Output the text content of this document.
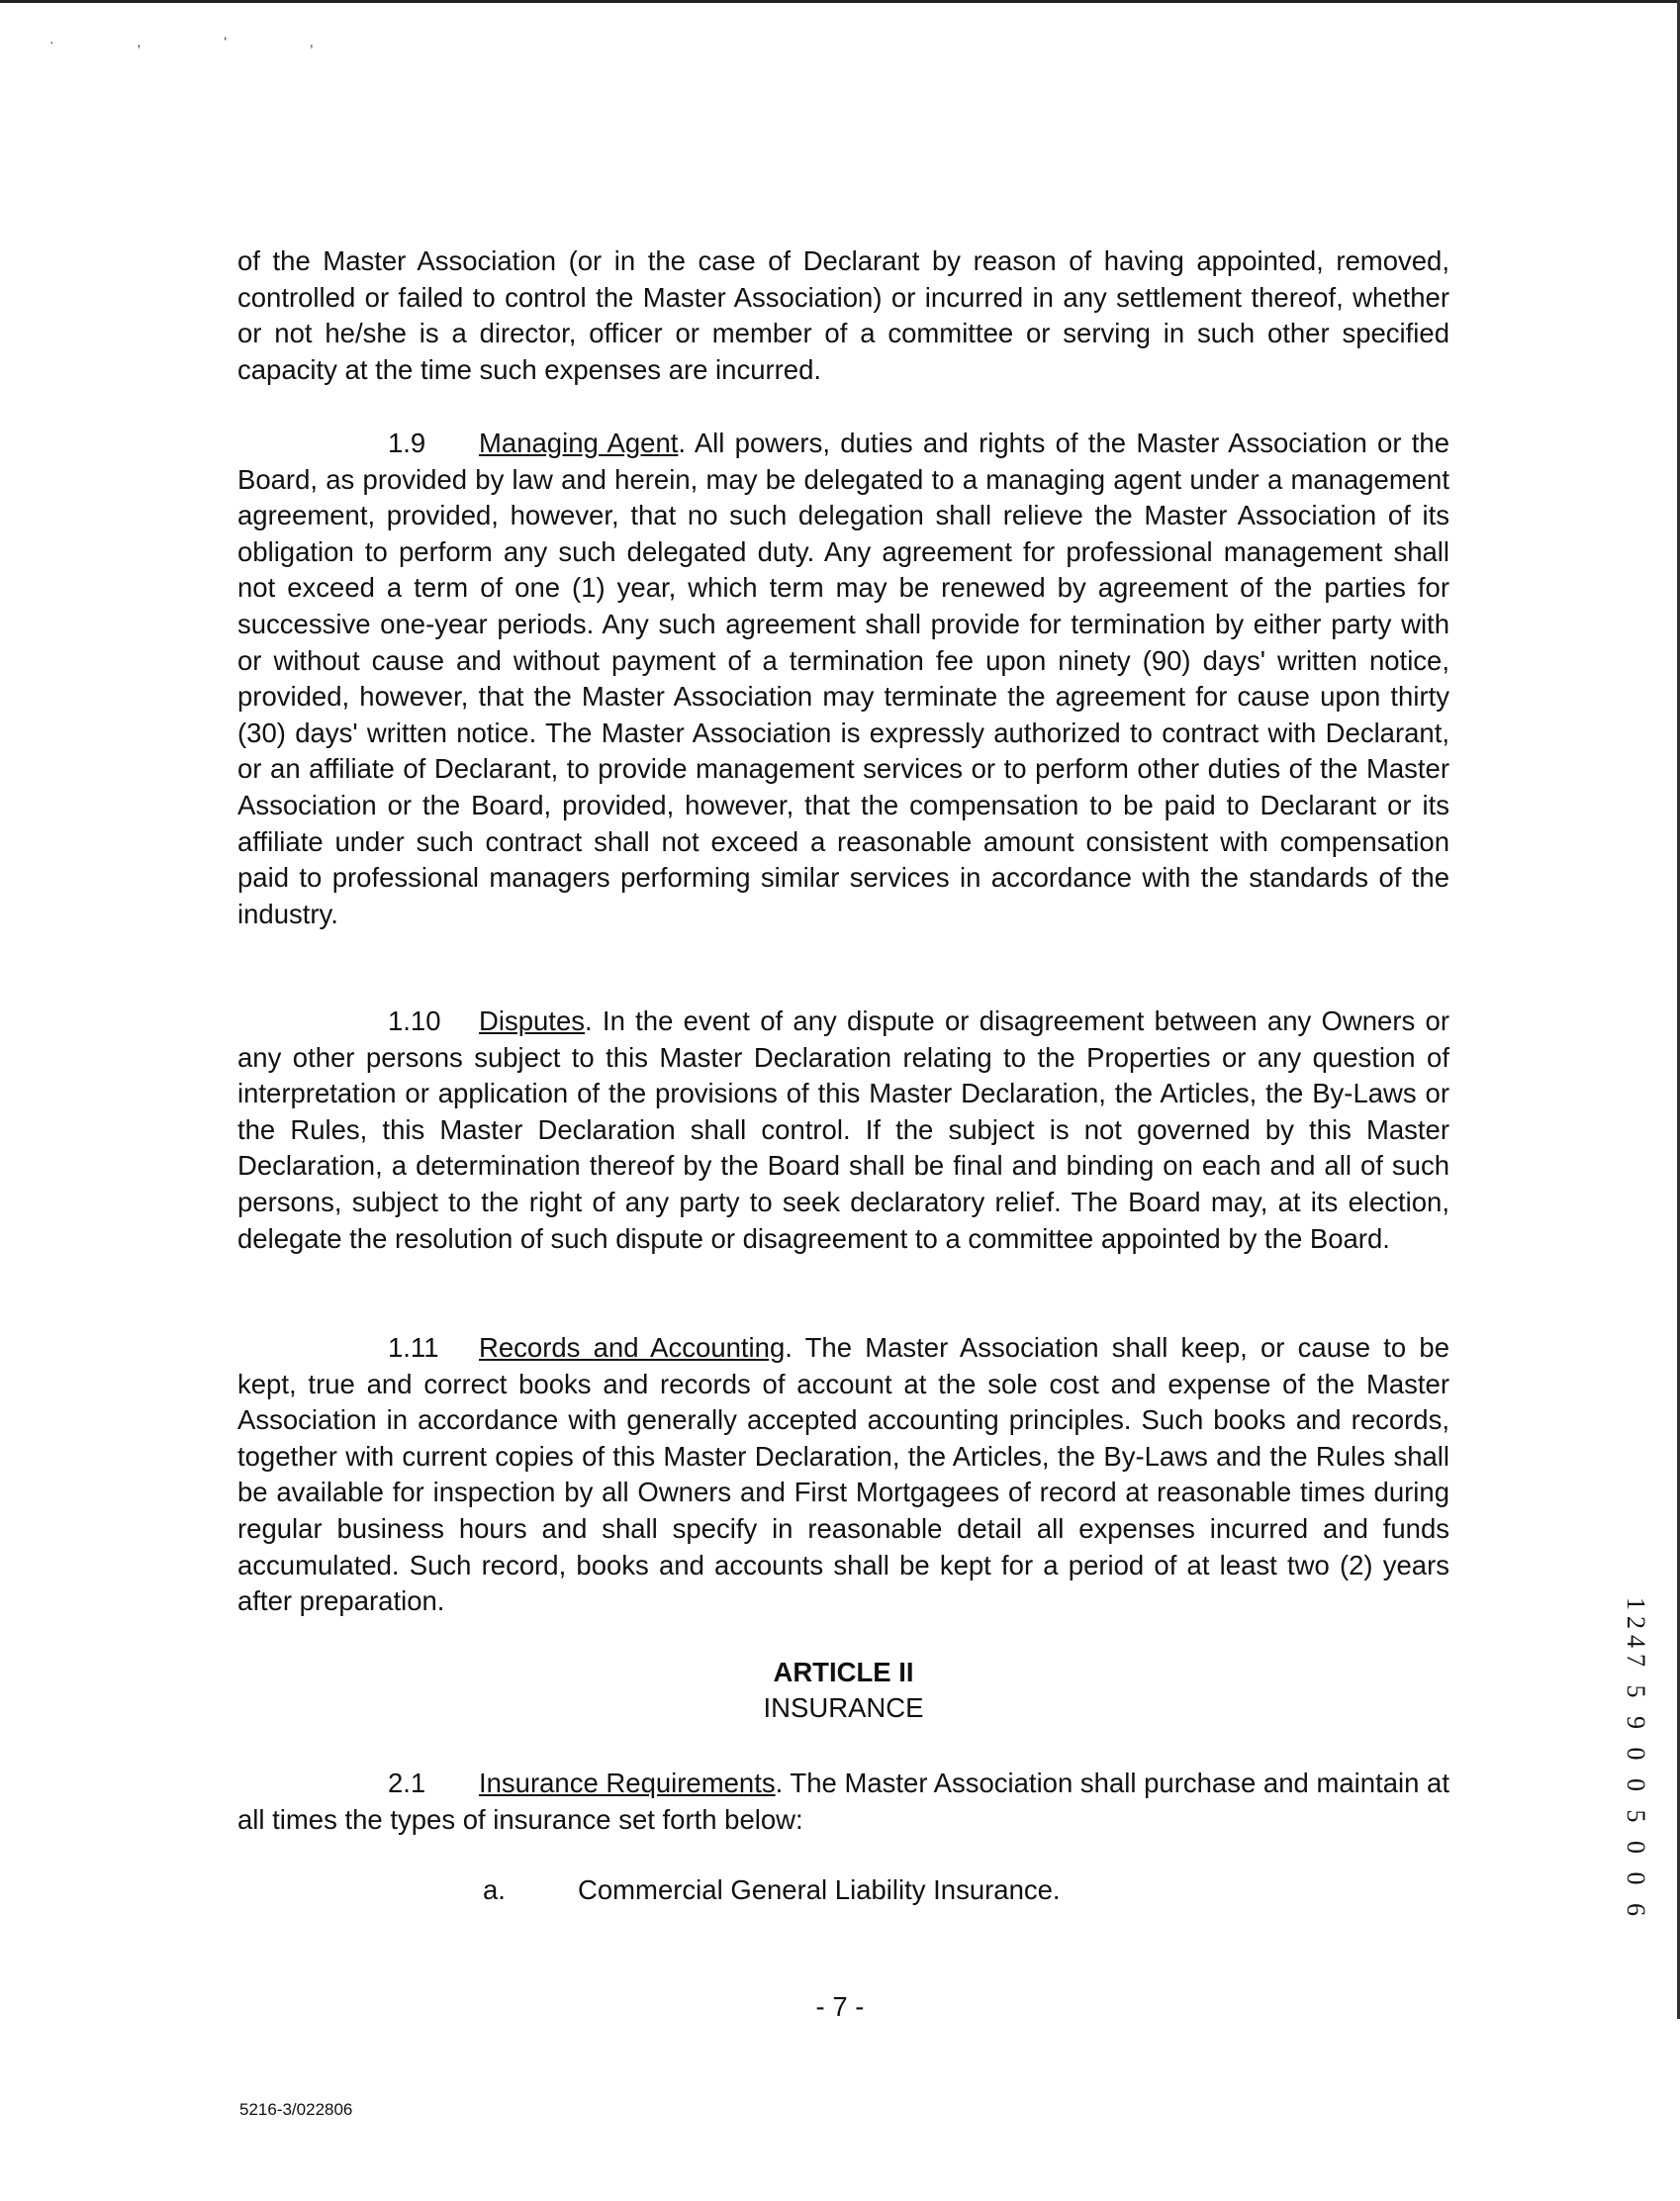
· , ' ,

of the Master Association (or in the case of Declarant by reason of having appointed, removed, controlled or failed to control the Master Association) or incurred in any settlement thereof, whether or not he/she is a director, officer or member of a committee or serving in such other specified capacity at the time such expenses are incurred.

1.9 Managing Agent. All powers, duties and rights of the Master Association or the Board, as provided by law and herein, may be delegated to a managing agent under a management agreement, provided, however, that no such delegation shall relieve the Master Association of its obligation to perform any such delegated duty. Any agreement for professional management shall not exceed a term of one (1) year, which term may be renewed by agreement of the parties for successive one-year periods. Any such agreement shall provide for termination by either party with or without cause and without payment of a termination fee upon ninety (90) days' written notice, provided, however, that the Master Association may terminate the agreement for cause upon thirty (30) days' written notice. The Master Association is expressly authorized to contract with Declarant, or an affiliate of Declarant, to provide management services or to perform other duties of the Master Association or the Board, provided, however, that the compensation to be paid to Declarant or its affiliate under such contract shall not exceed a reasonable amount consistent with compensation paid to professional managers performing similar services in accordance with the standards of the industry.

1.10 Disputes. In the event of any dispute or disagreement between any Owners or any other persons subject to this Master Declaration relating to the Properties or any question of interpretation or application of the provisions of this Master Declaration, the Articles, the By-Laws or the Rules, this Master Declaration shall control. If the subject is not governed by this Master Declaration, a determination thereof by the Board shall be final and binding on each and all of such persons, subject to the right of any party to seek declaratory relief. The Board may, at its election, delegate the resolution of such dispute or disagreement to a committee appointed by the Board.

1.11 Records and Accounting. The Master Association shall keep, or cause to be kept, true and correct books and records of account at the sole cost and expense of the Master Association in accordance with generally accepted accounting principles. Such books and records, together with current copies of this Master Declaration, the Articles, the By-Laws and the Rules shall be available for inspection by all Owners and First Mortgagees of record at reasonable times during regular business hours and shall specify in reasonable detail all expenses incurred and funds accumulated. Such record, books and accounts shall be kept for a period of at least two (2) years after preparation.

ARTICLE II
INSURANCE

2.1 Insurance Requirements. The Master Association shall purchase and maintain at all times the types of insurance set forth below:

a.	Commercial General Liability Insurance.
- 7 -
5216-3/022806
1247 5 9 0 0 5 0 0 6
